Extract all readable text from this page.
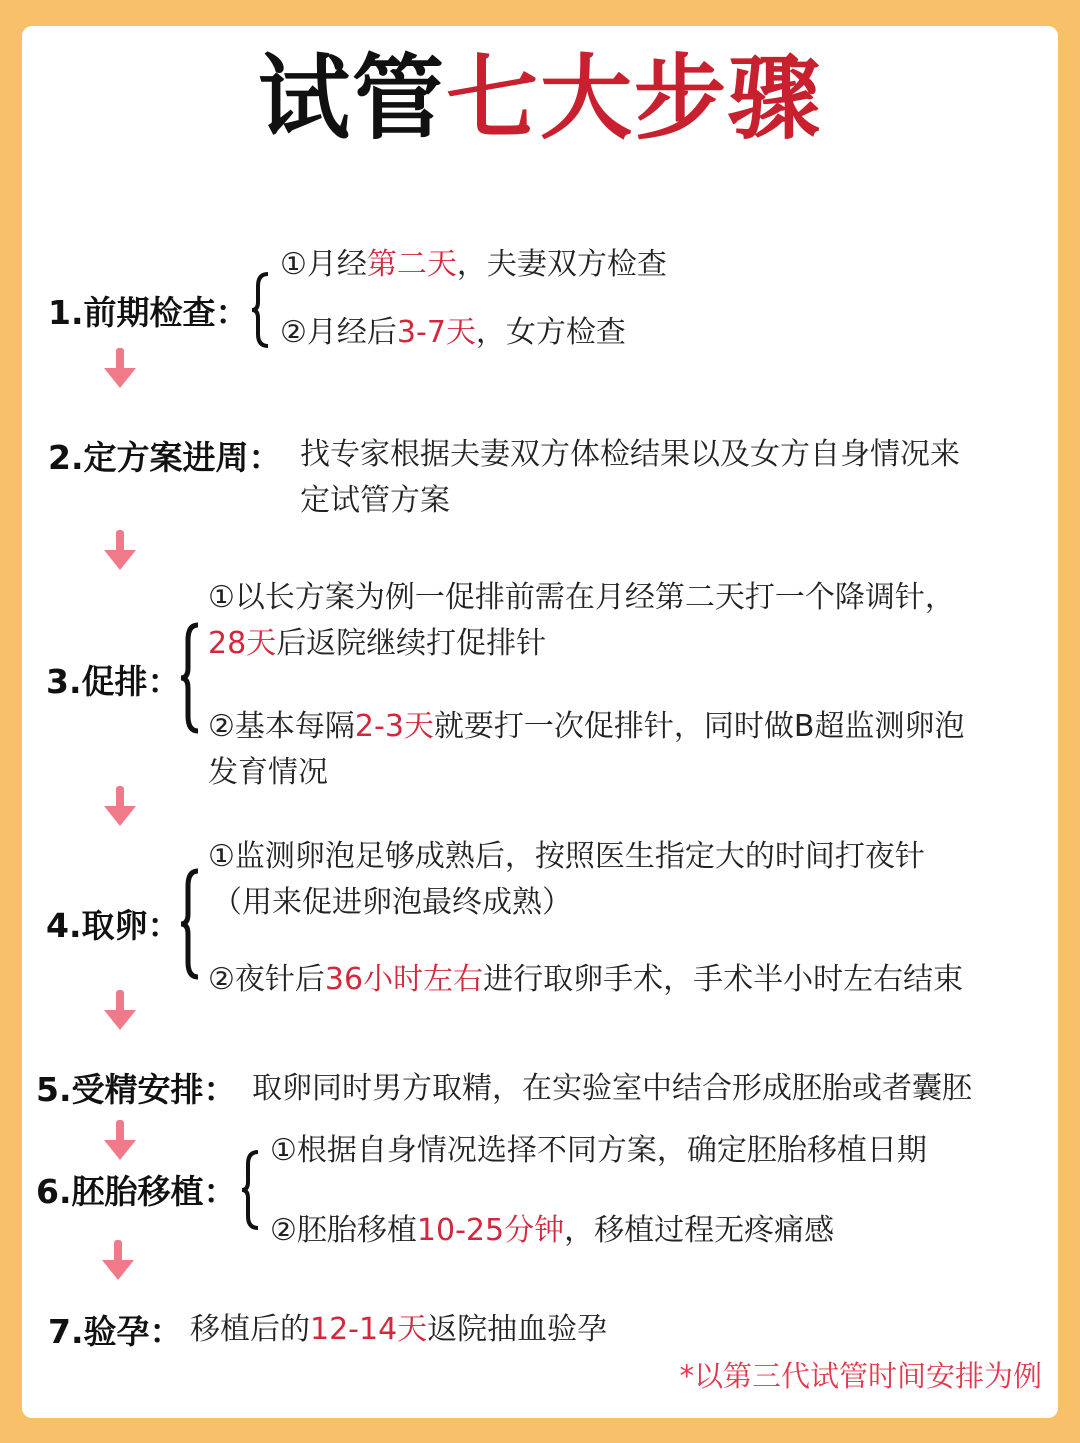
试管七大步骤
1.前期检查：
①月经第二天，夫妻双方检查
②月经后3-7天，女方检查
2.定方案进周： 找专家根据夫妻双方体检结果以及女方自身情况来
定试管方案
3.促排：
①以长方案为例一促排前需在月经第二天打一个降调针，
28天后返院继续打促排针
②基本每隔2-3天就要打一次促排针，同时做B超监测卵泡
发育情况
4.取卵：
①监测卵泡足够成熟后，按照医生指定大的时间打夜针
（用来促进卵泡最终成熟）
②夜针后36小时左右进行取卵手术，手术半小时左右结束
5.受精安排： 取卵同时男方取精，在实验室中结合形成胚胎或者囊胚
6.胚胎移植：
①根据自身情况选择不同方案，确定胚胎移植日期
②胚胎移植10-25分钟，移植过程无疼痛感
7.验孕： 移植后的12-14天返院抽血验孕
*以第三代试管时间安排为例
